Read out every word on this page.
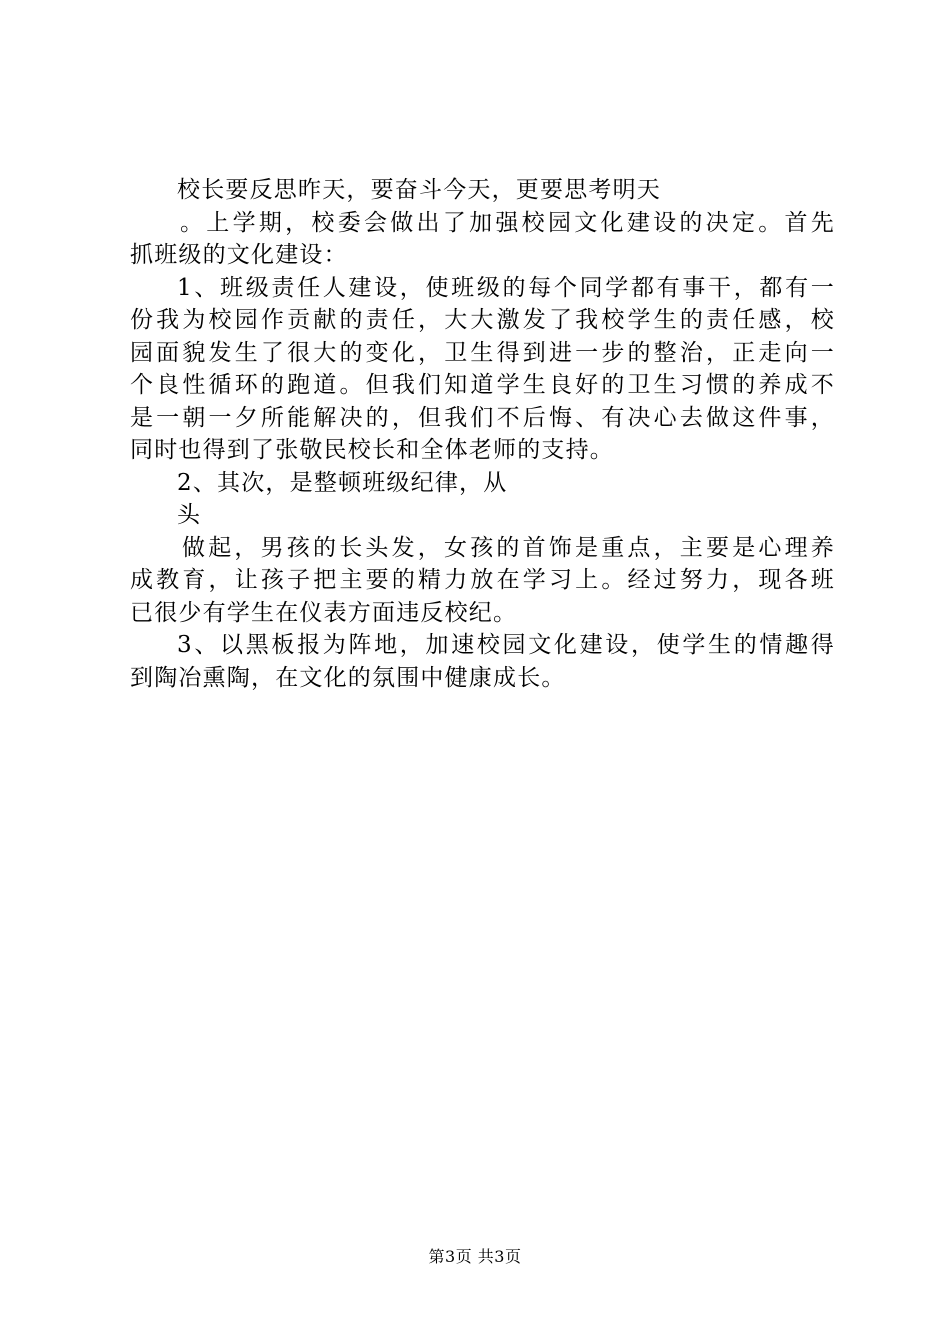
校长要反思昨天，要奋斗今天，更要思考明天
。上学期，校委会做出了加强校园文化建设的决定。首先
抓班级的文化建设：
1、班级责任人建设，使班级的每个同学都有事干，都有一
份我为校园作贡献的责任，大大激发了我校学生的责任感，校
园面貌发生了很大的变化，卫生得到进一步的整治，正走向一
个良性循环的跑道。但我们知道学生良好的卫生习惯的养成不
是一朝一夕所能解决的，但我们不后悔、有决心去做这件事，
同时也得到了张敬民校长和全体老师的支持。
2、其次，是整顿班级纪律，从
头
做起，男孩的长头发，女孩的首饰是重点，主要是心理养
成教育，让孩子把主要的精力放在学习上。经过努力，现各班
已很少有学生在仪表方面违反校纪。
3、以黑板报为阵地，加速校园文化建设，使学生的情趣得
到陶冶熏陶，在文化的氛围中健康成长。
第3页 共3页
